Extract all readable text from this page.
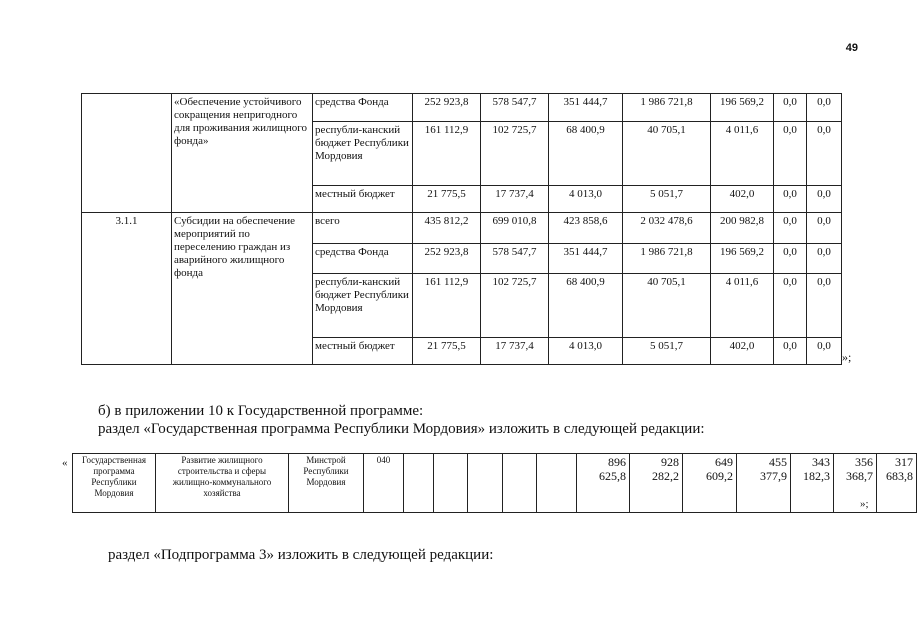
49
	«Обеспечение устойчивого сокращения непригодного для проживания жилищного фонда»	средства Фонда	252 923,8	578 547,7	351 444,7	1 986 721,8	196 569,2	0,0	0,0
		республи-канский бюджет Республики Мордовия	161 112,9	102 725,7	68 400,9	40 705,1	4 011,6	0,0	0,0
		местный бюджет	21 775,5	17 737,4	4 013,0	5 051,7	402,0	0,0	0,0
3.1.1	Субсидии на обеспечение мероприятий по переселению граждан из аварийного жилищного фонда	всего	435 812,2	699 010,8	423 858,6	2 032 478,6	200 982,8	0,0	0,0
		средства Фонда	252 923,8	578 547,7	351 444,7	1 986 721,8	196 569,2	0,0	0,0
		республи-канский бюджет Республики Мордовия	161 112,9	102 725,7	68 400,9	40 705,1	4 011,6	0,0	0,0
		местный бюджет	21 775,5	17 737,4	4 013,0	5 051,7	402,0	0,0	0,0
»;
б) в приложении 10 к Государственной программе:
раздел «Государственная программа Республики Мордовия» изложить в следующей редакции:
« Государственная программа Республики Мордовия	Развитие жилищного строительства и сферы жилищно-коммунального хозяйства	Минстрой Республики Мордовия	040						896 625,8	928 282,2	649 609,2	455 377,9	343 182,3	356 368,7	317 683,8
»;
раздел «Подпрограмма 3» изложить в следующей редакции:
